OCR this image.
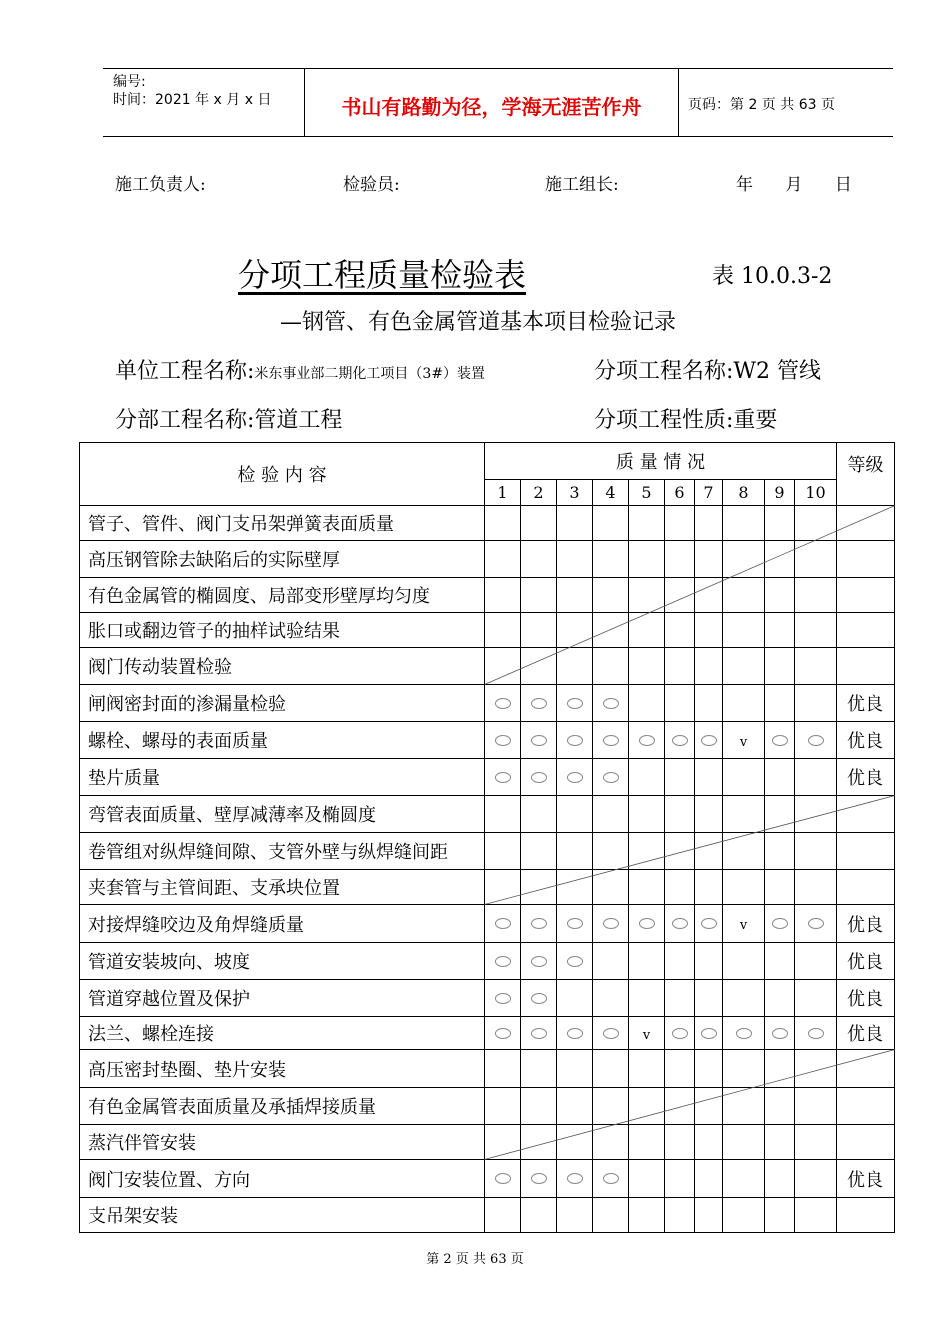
编号:
时间：2021 年 x 月 x 日	书山有路勤为径，学海无涯苦作舟	页码：第 2 页 共 63 页
施工负责人:	检验员:	施工组长:	年      月      日
分项工程质量检验表	表 10.0.3-2
—钢管、有色金属管道基本项目检验记录
单位工程名称:米东事业部二期化工项目（3#）装置	分项工程名称:W2 管线
分部工程名称:管道工程	分项工程性质:重要
检 验 内 容	质 量 情 况										等级
	1	2	3	4	5	6	7	8	9	10	
管子、管件、阀门支吊架弹簧表面质量											
高压钢管除去缺陷后的实际壁厚											
有色金属管的椭圆度、局部变形壁厚均匀度											
胀口或翻边管子的抽样试验结果											
阀门传动装置检验											
闸阀密封面的渗漏量检验											优良
螺栓、螺母的表面质量								v			优良
垫片质量											优良
弯管表面质量、壁厚减薄率及椭圆度											
卷管组对纵焊缝间隙、支管外壁与纵焊缝间距											
夹套管与主管间距、支承块位置											
对接焊缝咬边及角焊缝质量								v			优良
管道安装坡向、坡度											优良
管道穿越位置及保护											优良
法兰、螺栓连接					v						优良
高压密封垫圈、垫片安装											
有色金属管表面质量及承插焊接质量											
蒸汽伴管安装											
阀门安装位置、方向											优良
支吊架安装											
第 2 页 共 63 页
